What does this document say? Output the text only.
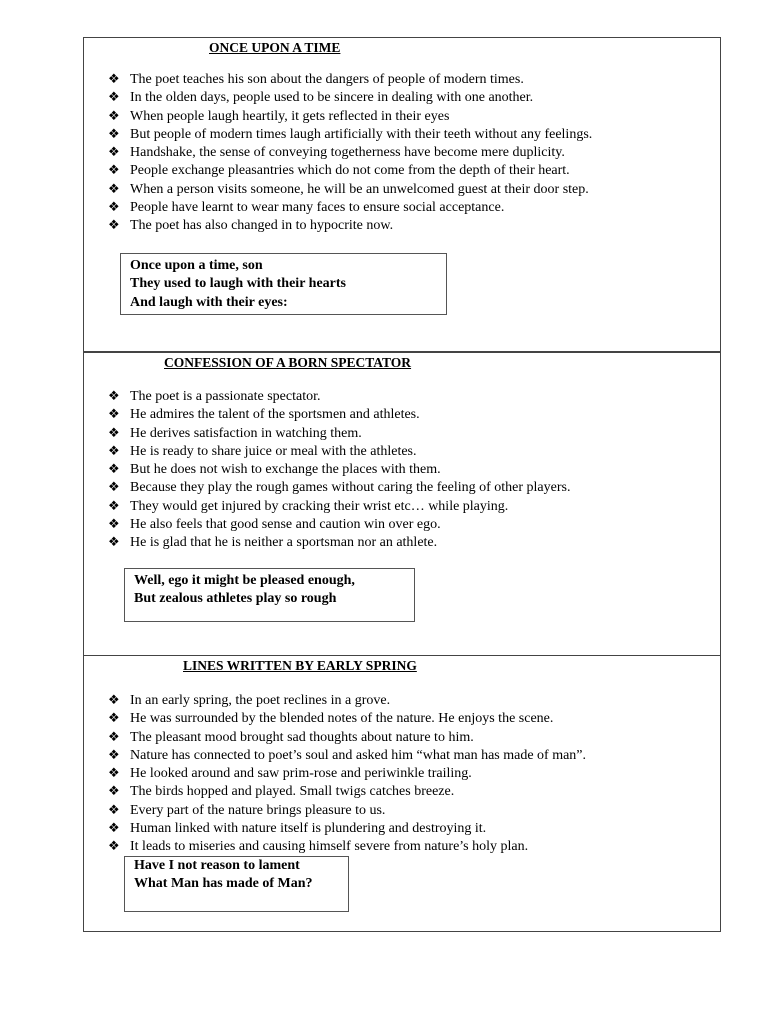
ONCE UPON A TIME
❖ The poet teaches his son about the dangers of people of modern times.
❖ In the olden days, people used to be sincere in dealing with one another.
❖ When people laugh heartily, it gets reflected in their eyes
❖ But people of modern times laugh artificially with their teeth without any feelings.
❖ Handshake, the sense of conveying togetherness have become mere duplicity.
❖ People exchange pleasantries which do not come from the depth of their heart.
❖ When a person visits someone, he will be an unwelcomed guest at their door step.
❖ People have learnt to wear many faces to ensure social acceptance.
❖ The poet has also changed in to hypocrite now.
Once upon a time, son
They used to laugh with their hearts
And laugh with their eyes:
CONFESSION OF A BORN SPECTATOR
❖ The poet is a passionate spectator.
❖ He admires the talent of the sportsmen and athletes.
❖ He derives satisfaction in watching them.
❖ He is ready to share juice or meal with the athletes.
❖ But he does not wish to exchange the places with them.
❖ Because they play the rough games without caring the feeling of other players.
❖ They would get injured by cracking their wrist etc… while playing.
❖ He also feels that good sense and caution win over ego.
❖ He is glad that he is neither a sportsman nor an athlete.
Well, ego it might be pleased enough,
But zealous athletes play so rough
LINES WRITTEN BY EARLY SPRING
❖ In an early spring, the poet reclines in a grove.
❖ He was surrounded by the blended notes of the nature. He enjoys the scene.
❖ The pleasant mood brought sad thoughts about nature to him.
❖ Nature has connected to poet’s soul and asked him “what man has made of man”.
❖ He looked around and saw prim-rose and periwinkle trailing.
❖ The birds hopped and played. Small twigs catches breeze.
❖ Every part of the nature brings pleasure to us.
❖ Human linked with nature itself is plundering and destroying it.
❖ It leads to miseries and causing himself severe from nature’s holy plan.
Have I not reason to lament
What Man has made of Man?
